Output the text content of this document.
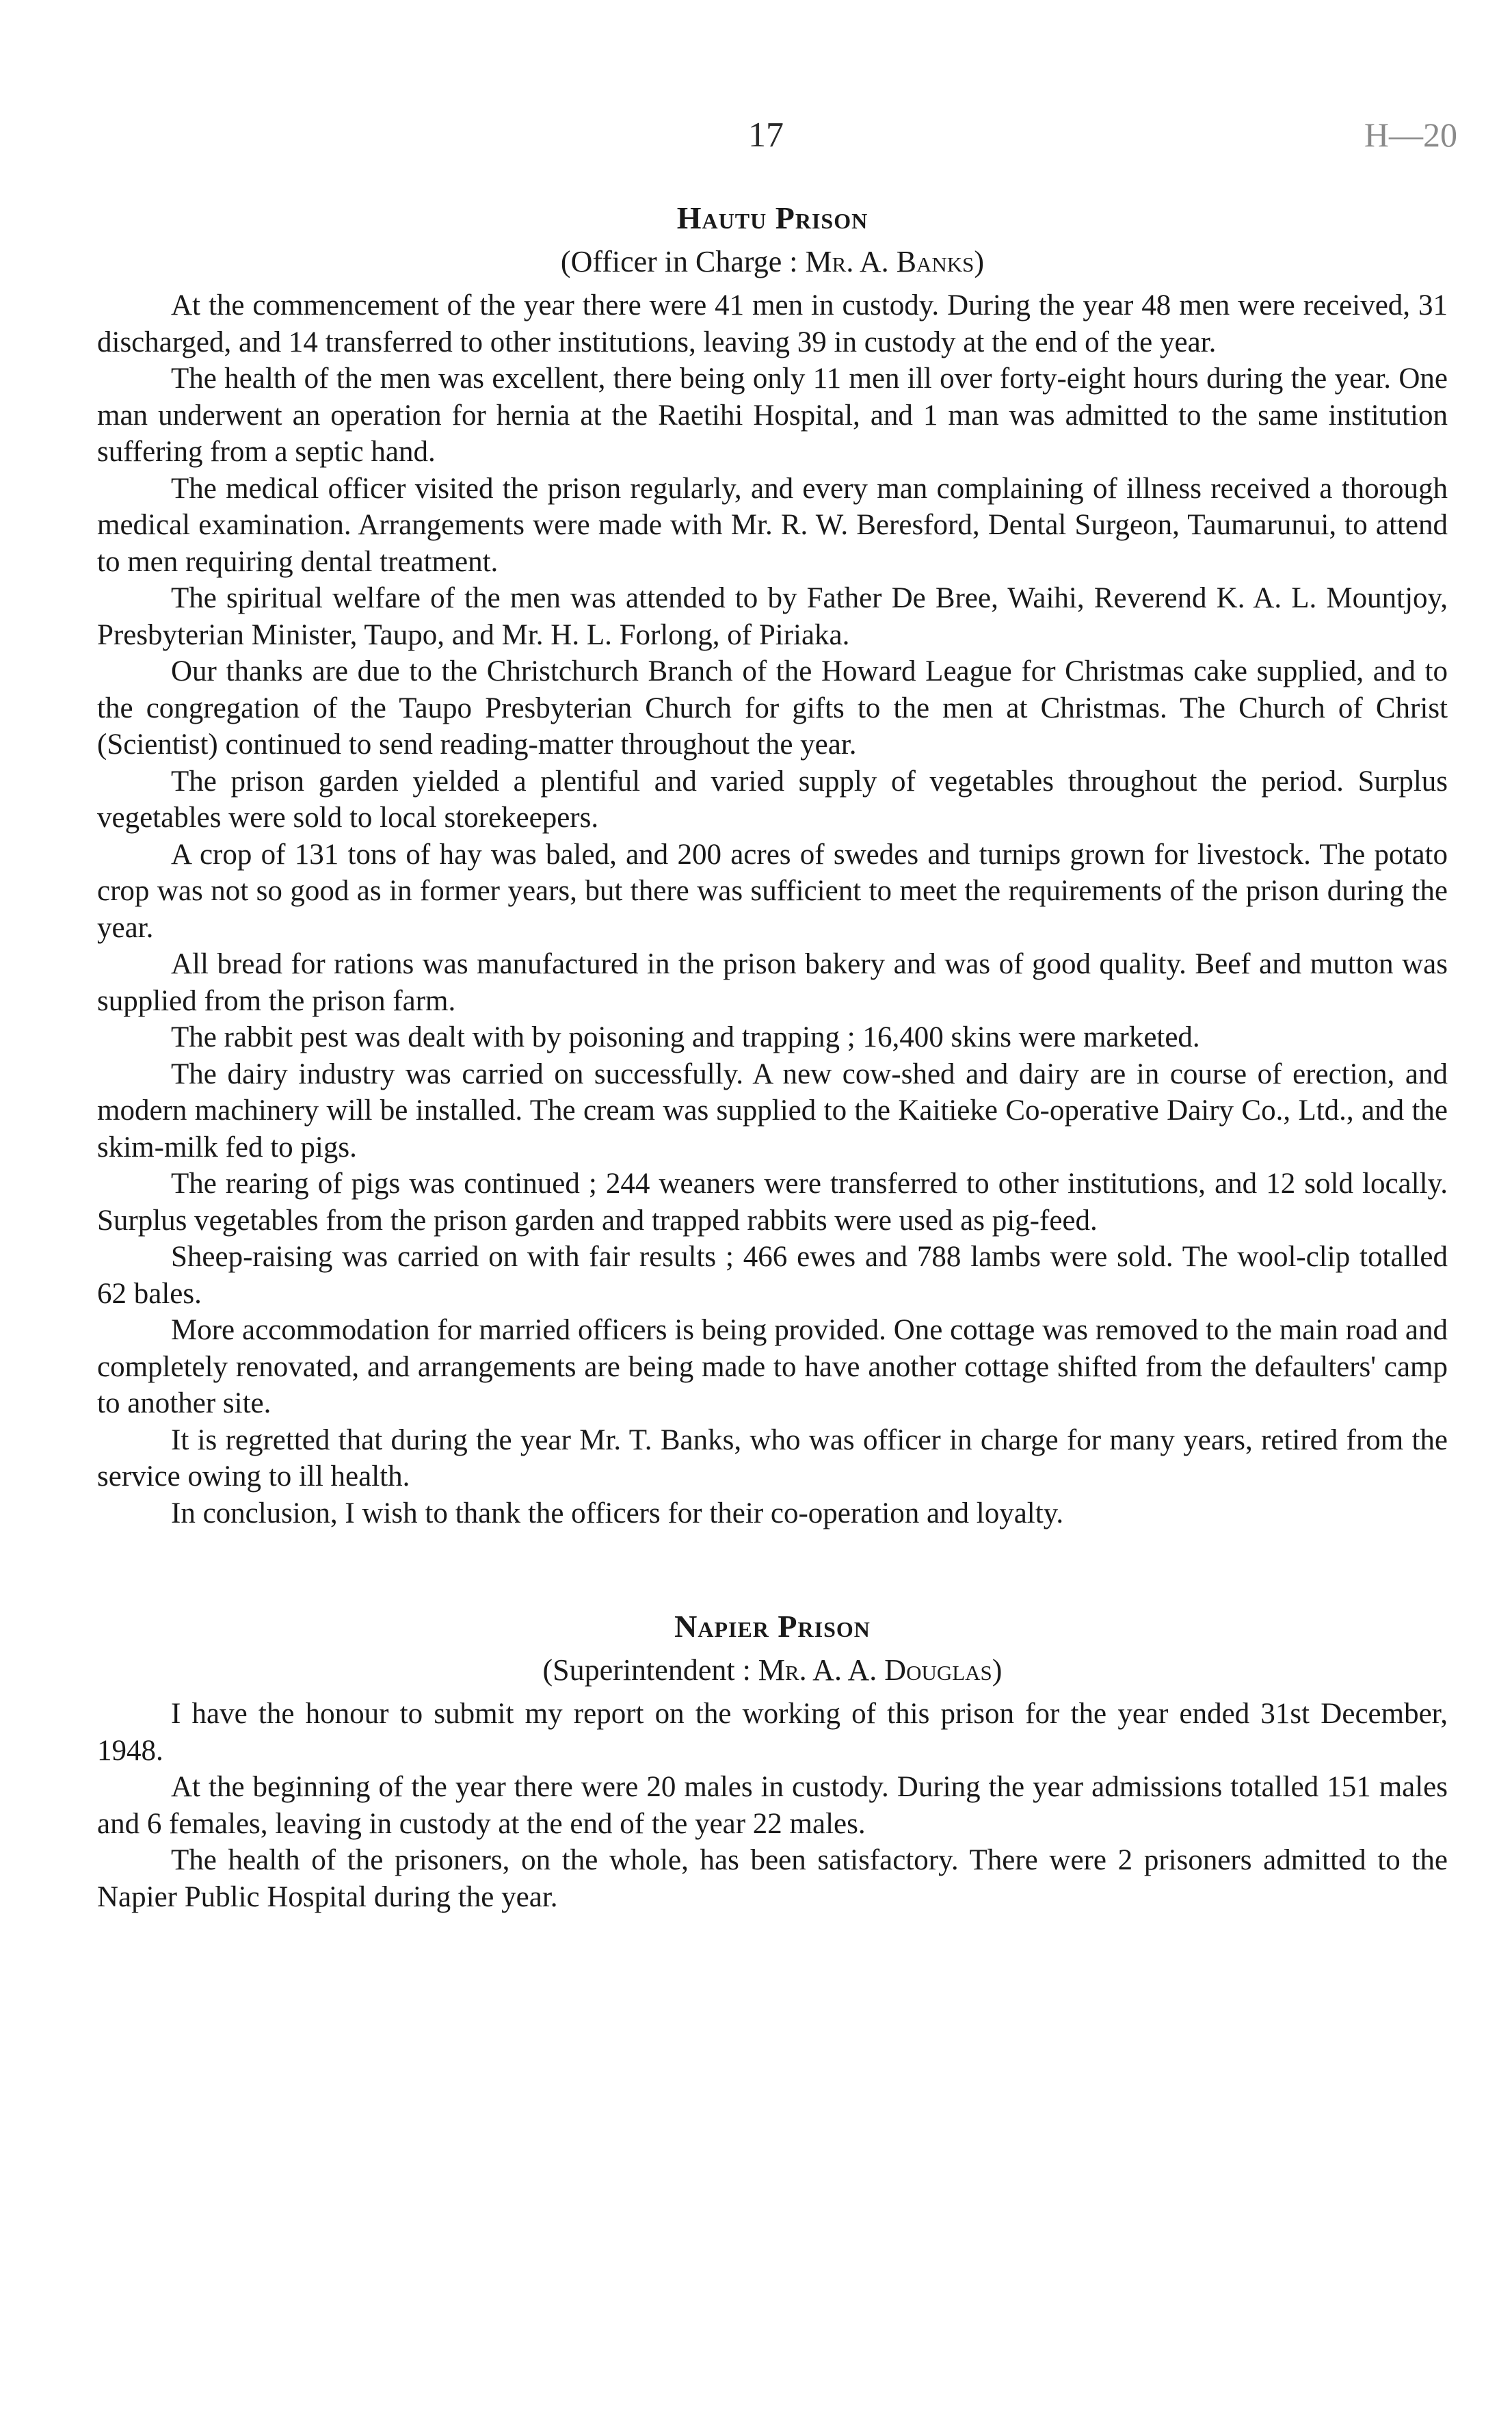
17	H—20
Hautu Prison
(Officer in Charge : Mr. A. Banks)

At the commencement of the year there were 41 men in custody. During the year 48 men were received, 31 discharged, and 14 transferred to other institutions, leaving 39 in custody at the end of the year.

The health of the men was excellent, there being only 11 men ill over forty-eight hours during the year. One man underwent an operation for hernia at the Raetihi Hospital, and 1 man was admitted to the same institution suffering from a septic hand.

The medical officer visited the prison regularly, and every man complaining of illness received a thorough medical examination. Arrangements were made with Mr. R. W. Beresford, Dental Surgeon, Taumarunui, to attend to men requiring dental treatment.

The spiritual welfare of the men was attended to by Father De Bree, Waihi, Reverend K. A. L. Mountjoy, Presbyterian Minister, Taupo, and Mr. H. L. Forlong, of Piriaka.

Our thanks are due to the Christchurch Branch of the Howard League for Christmas cake supplied, and to the congregation of the Taupo Presbyterian Church for gifts to the men at Christmas. The Church of Christ (Scientist) continued to send reading-matter throughout the year.

The prison garden yielded a plentiful and varied supply of vegetables throughout the period. Surplus vegetables were sold to local storekeepers.

A crop of 131 tons of hay was baled, and 200 acres of swedes and turnips grown for livestock. The potato crop was not so good as in former years, but there was sufficient to meet the requirements of the prison during the year.

All bread for rations was manufactured in the prison bakery and was of good quality. Beef and mutton was supplied from the prison farm.

The rabbit pest was dealt with by poisoning and trapping ; 16,400 skins were marketed.

The dairy industry was carried on successfully. A new cow-shed and dairy are in course of erection, and modern machinery will be installed. The cream was supplied to the Kaitieke Co-operative Dairy Co., Ltd., and the skim-milk fed to pigs.

The rearing of pigs was continued ; 244 weaners were transferred to other institutions, and 12 sold locally. Surplus vegetables from the prison garden and trapped rabbits were used as pig-feed.

Sheep-raising was carried on with fair results ; 466 ewes and 788 lambs were sold. The wool-clip totalled 62 bales.

More accommodation for married officers is being provided. One cottage was removed to the main road and completely renovated, and arrangements are being made to have another cottage shifted from the defaulters' camp to another site.

It is regretted that during the year Mr. T. Banks, who was officer in charge for many years, retired from the service owing to ill health.

In conclusion, I wish to thank the officers for their co-operation and loyalty.

Napier Prison
(Superintendent : Mr. A. A. Douglas)

I have the honour to submit my report on the working of this prison for the year ended 31st December, 1948.

At the beginning of the year there were 20 males in custody. During the year admissions totalled 151 males and 6 females, leaving in custody at the end of the year 22 males.

The health of the prisoners, on the whole, has been satisfactory. There were 2 prisoners admitted to the Napier Public Hospital during the year.
